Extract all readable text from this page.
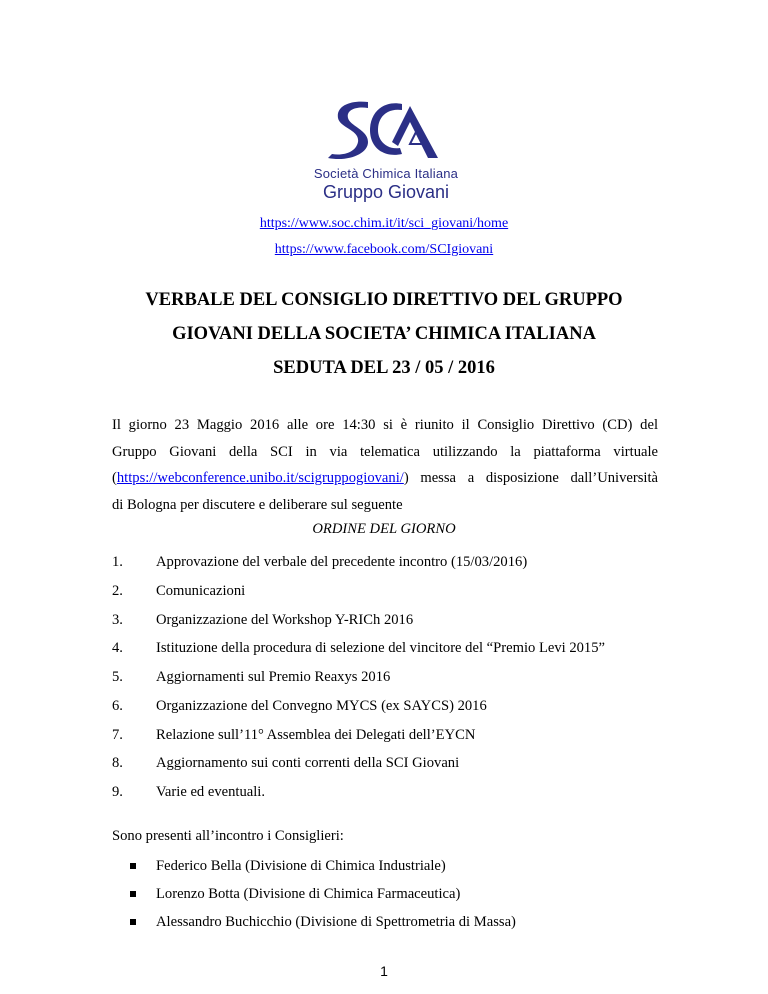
Società Chimica Italiana
Gruppo Giovani
https://www.soc.chim.it/it/sci_giovani/home
https://www.facebook.com/SCIgiovani
VERBALE DEL CONSIGLIO DIRETTIVO DEL GRUPPO
GIOVANI DELLA SOCIETA’ CHIMICA ITALIANA
SEDUTA DEL 23 / 05 / 2016
Il giorno 23 Maggio 2016 alle ore 14:30 si è riunito il Consiglio Direttivo (CD) del
Gruppo Giovani della SCI in via telematica utilizzando la piattaforma virtuale
(https://webconference.unibo.it/scigruppogiovani/) messa a disposizione dall’Università
di Bologna per discutere e deliberare sul seguente
ORDINE DEL GIORNO
1.	Approvazione del verbale del precedente incontro (15/03/2016)
2.	Comunicazioni
3.	Organizzazione del Workshop Y-RICh 2016
4.	Istituzione della procedura di selezione del vincitore del “Premio Levi 2015”
5.	Aggiornamenti sul Premio Reaxys 2016
6.	Organizzazione del Convegno MYCS (ex SAYCS) 2016
7.	Relazione sull’11° Assemblea dei Delegati dell’EYCN
8.	Aggiornamento sui conti correnti della SCI Giovani
9.	Varie ed eventuali.
Sono presenti all’incontro i Consiglieri:
Federico Bella (Divisione di Chimica Industriale)
Lorenzo Botta (Divisione di Chimica Farmaceutica)
Alessandro Buchicchio (Divisione di Spettrometria di Massa)
1
